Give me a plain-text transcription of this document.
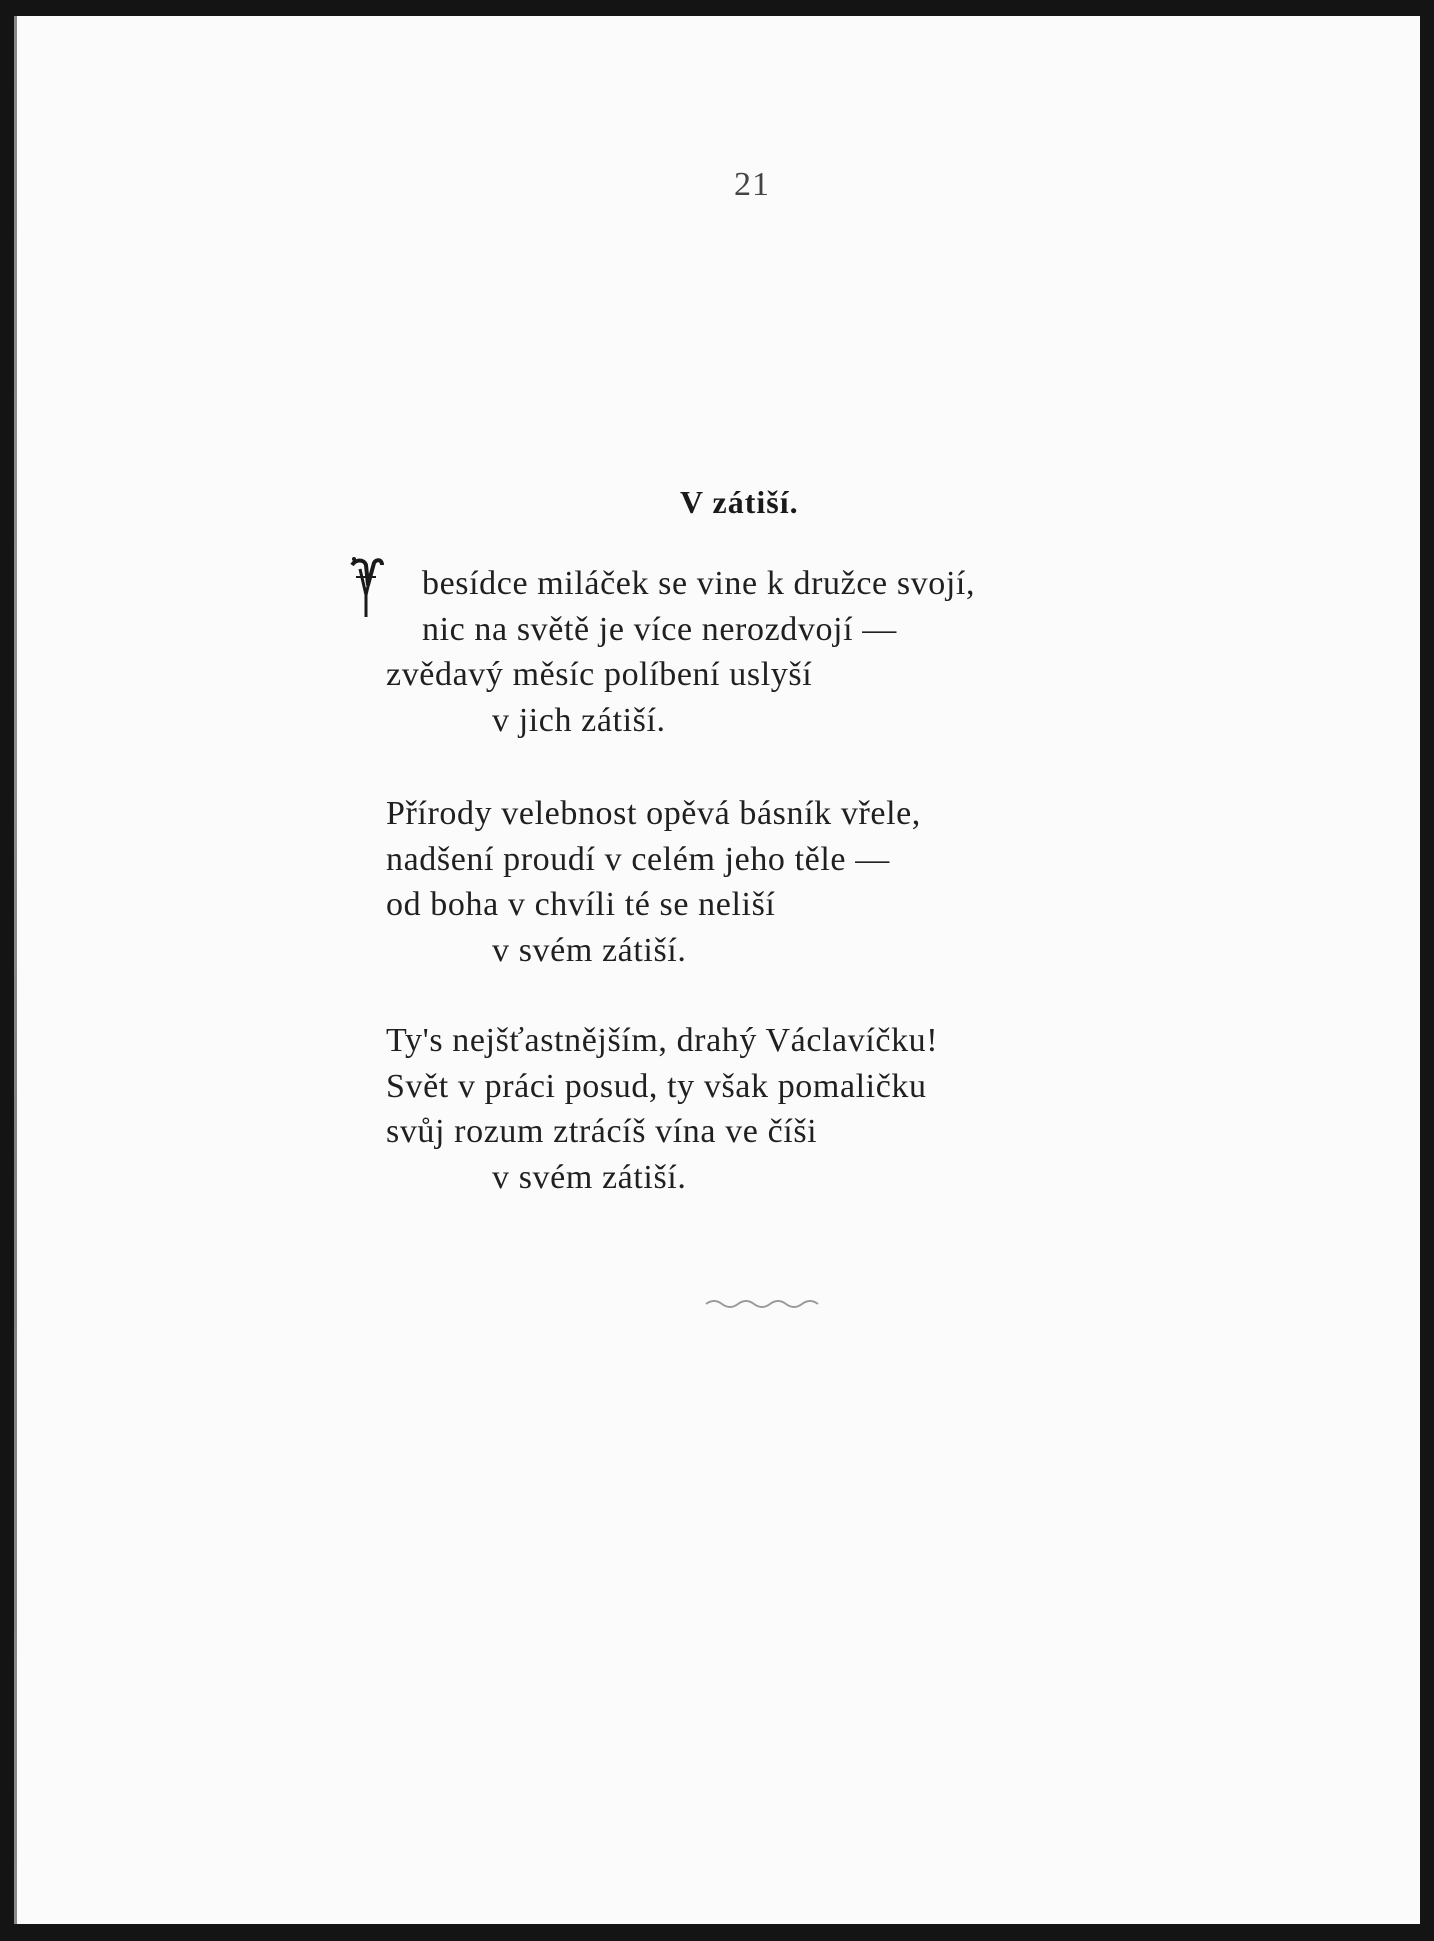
21
V zátiší.
besídce miláček se vine k družce svojí,
nic na světě je více nerozdvojí —
zvědavý měsíc políbení uslyší
v jich zátiší.
Přírody velebnost opěvá básník vřele,
nadšení proudí v celém jeho těle —
od boha v chvíli té se neliší
v svém zátiší.
Ty's nejšťastnějším, drahý Václavíčku!
Svět v práci posud, ty však pomaličku
svůj rozum ztrácíš vína ve číši
v svém zátiší.
